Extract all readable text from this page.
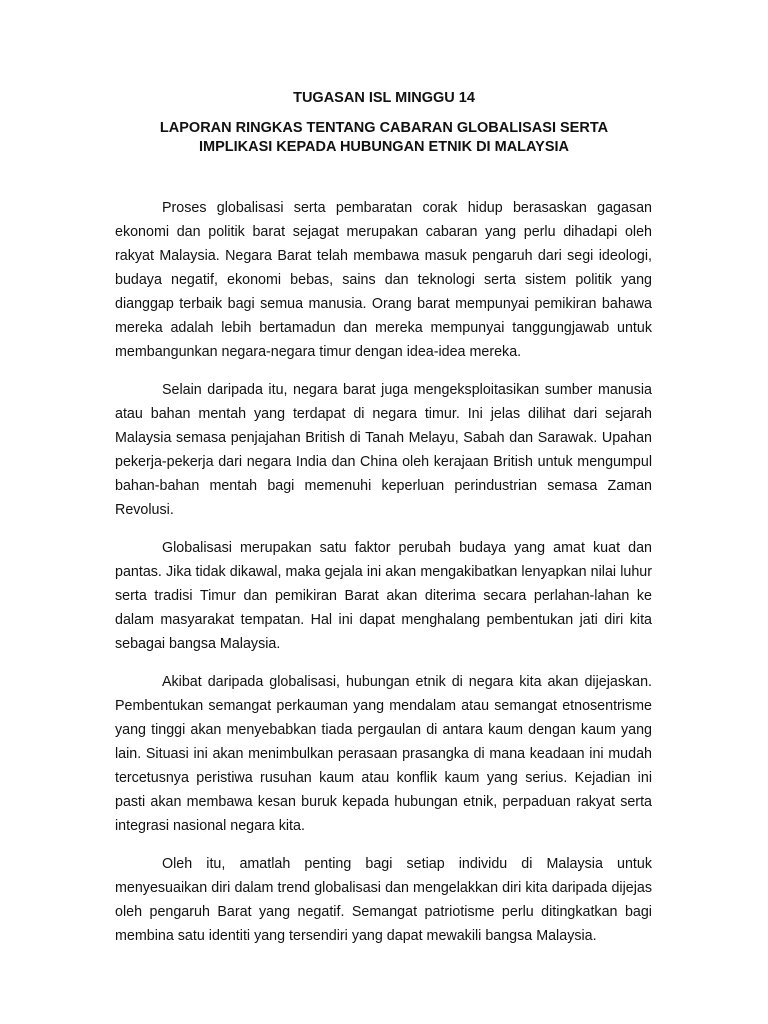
TUGASAN ISL MINGGU 14
LAPORAN RINGKAS TENTANG CABARAN GLOBALISASI SERTA
IMPLIKASI KEPADA HUBUNGAN ETNIK DI MALAYSIA

Proses globalisasi serta pembaratan corak hidup berasaskan gagasan ekonomi dan politik barat sejagat merupakan cabaran yang perlu dihadapi oleh rakyat Malaysia. Negara Barat telah membawa masuk pengaruh dari segi ideologi, budaya negatif, ekonomi bebas, sains dan teknologi serta sistem politik yang dianggap terbaik bagi semua manusia. Orang barat mempunyai pemikiran bahawa mereka adalah lebih bertamadun dan mereka mempunyai tanggungjawab untuk membangunkan negara-negara timur dengan idea-idea mereka.

Selain daripada itu, negara barat juga mengeksploitasikan sumber manusia atau bahan mentah yang terdapat di negara timur. Ini jelas dilihat dari sejarah Malaysia semasa penjajahan British di Tanah Melayu, Sabah dan Sarawak. Upahan pekerja-pekerja dari negara India dan China oleh kerajaan British untuk mengumpul bahan-bahan mentah bagi memenuhi keperluan perindustrian semasa Zaman Revolusi.

Globalisasi merupakan satu faktor perubah budaya yang amat kuat dan pantas. Jika tidak dikawal, maka gejala ini akan mengakibatkan lenyapkan nilai luhur serta tradisi Timur dan pemikiran Barat akan diterima secara perlahan-lahan ke dalam masyarakat tempatan. Hal ini dapat menghalang pembentukan jati diri kita sebagai bangsa Malaysia.

Akibat daripada globalisasi, hubungan etnik di negara kita akan dijejaskan. Pembentukan semangat perkauman yang mendalam atau semangat etnosentrisme yang tinggi akan menyebabkan tiada pergaulan di antara kaum dengan kaum yang lain. Situasi ini akan menimbulkan perasaan prasangka di mana keadaan ini mudah tercetusnya peristiwa rusuhan kaum atau konflik kaum yang serius. Kejadian ini pasti akan membawa kesan buruk kepada hubungan etnik, perpaduan rakyat serta integrasi nasional negara kita.

Oleh itu, amatlah penting bagi setiap individu di Malaysia untuk menyesuaikan diri dalam trend globalisasi dan mengelakkan diri kita daripada dijejas oleh pengaruh Barat yang negatif. Semangat patriotisme perlu ditingkatkan bagi membina satu identiti yang tersendiri yang dapat mewakili bangsa Malaysia.
